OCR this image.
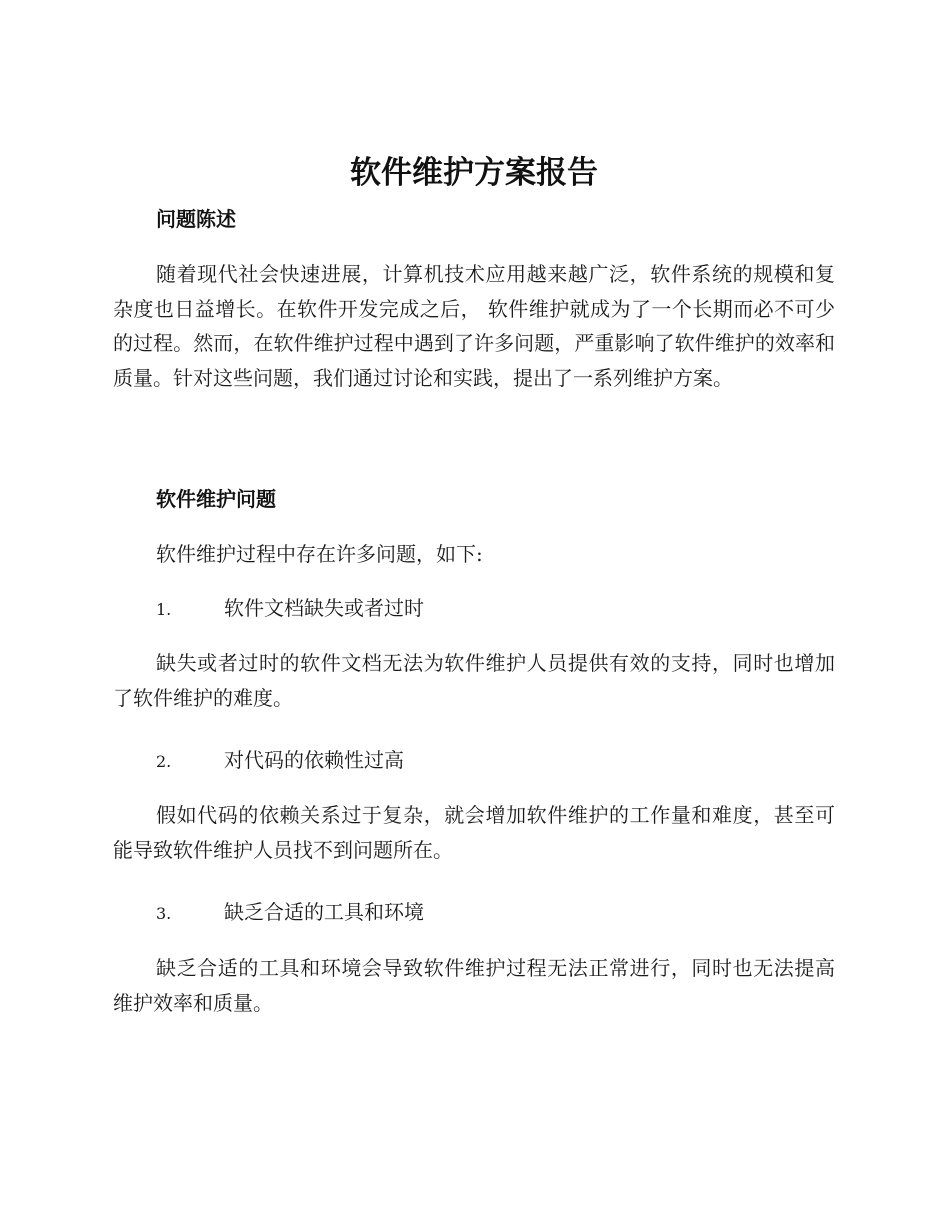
软件维护方案报告
问题陈述

随着现代社会快速进展，计算机技术应用越来越广泛，软件系统的规模和复杂度也日益增长。在软件开发完成之后， 软件维护就成为了一个长期而必不可少的过程。然而，在软件维护过程中遇到了许多问题，严重影响了软件维护的效率和质量。针对这些问题，我们通过讨论和实践，提出了一系列维护方案。

软件维护问题

软件维护过程中存在许多问题，如下:

1.	软件文档缺失或者过时

缺失或者过时的软件文档无法为软件维护人员提供有效的支持，同时也增加了软件维护的难度。

2.	对代码的依赖性过高

假如代码的依赖关系过于复杂，就会增加软件维护的工作量和难度，甚至可能导致软件维护人员找不到问题所在。

3.	缺乏合适的工具和环境

缺乏合适的工具和环境会导致软件维护过程无法正常进行，同时也无法提高维护效率和质量。
